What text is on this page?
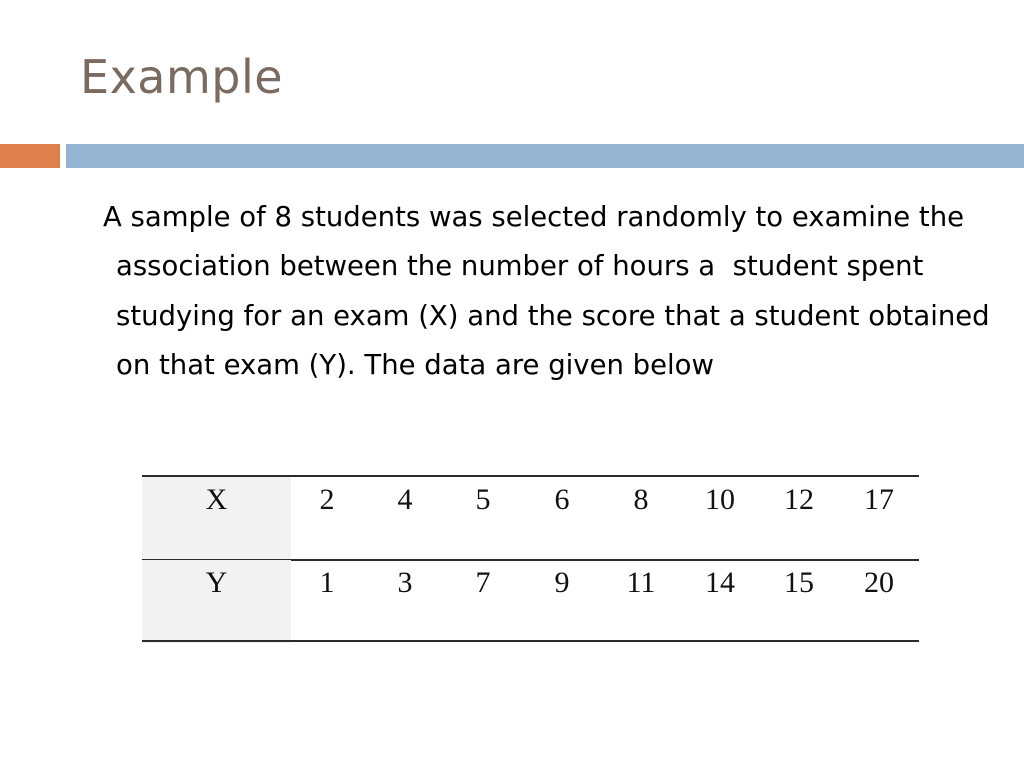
Example
A sample of 8 students was selected randomly to examine the association between the number of hours a  student spent studying for an exam (X) and the score that a student obtained on that exam (Y). The data are given below
X	2	4	5	6	8	10	12	17
Y	1	3	7	9	11	14	15	20
